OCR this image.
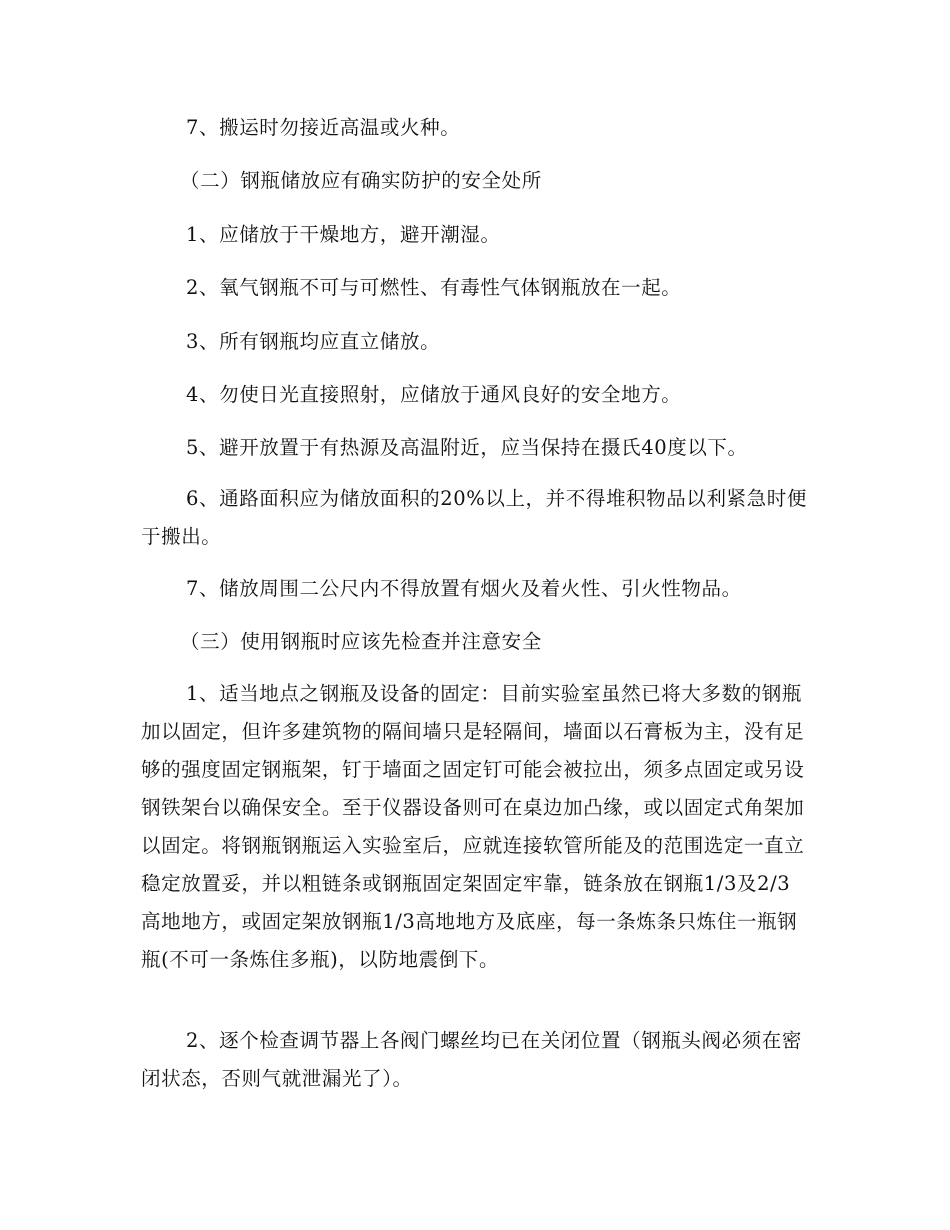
7、搬运时勿接近高温或火种。

（二）钢瓶储放应有确实防护的安全处所

1、应储放于干燥地方，避开潮湿。

2、氧气钢瓶不可与可燃性、有毒性气体钢瓶放在一起。

3、所有钢瓶均应直立储放。

4、勿使日光直接照射，应储放于通风良好的安全地方。

5、避开放置于有热源及高温附近，应当保持在摄氏40度以下。

6、通路面积应为储放面积的20%以上，并不得堆积物品以利紧急时便于搬出。

7、储放周围二公尺内不得放置有烟火及着火性、引火性物品。

（三）使用钢瓶时应该先检查并注意安全

1、适当地点之钢瓶及设备的固定：目前实验室虽然已将大多数的钢瓶加以固定，但许多建筑物的隔间墙只是轻隔间，墙面以石膏板为主，没有足够的强度固定钢瓶架，钉于墙面之固定钉可能会被拉出，须多点固定或另设钢铁架台以确保安全。至于仪器设备则可在桌边加凸缘，或以固定式角架加以固定。将钢瓶钢瓶运入实验室后，应就连接软管所能及的范围选定一直立稳定放置妥，并以粗链条或钢瓶固定架固定牢靠，链条放在钢瓶1/3及2/3高地地方，或固定架放钢瓶1/3高地地方及底座，每一条炼条只炼住一瓶钢瓶(不可一条炼住多瓶)，以防地震倒下。

2、逐个检查调节器上各阀门螺丝均已在关闭位置（钢瓶头阀必须在密闭状态，否则气就泄漏光了）。
